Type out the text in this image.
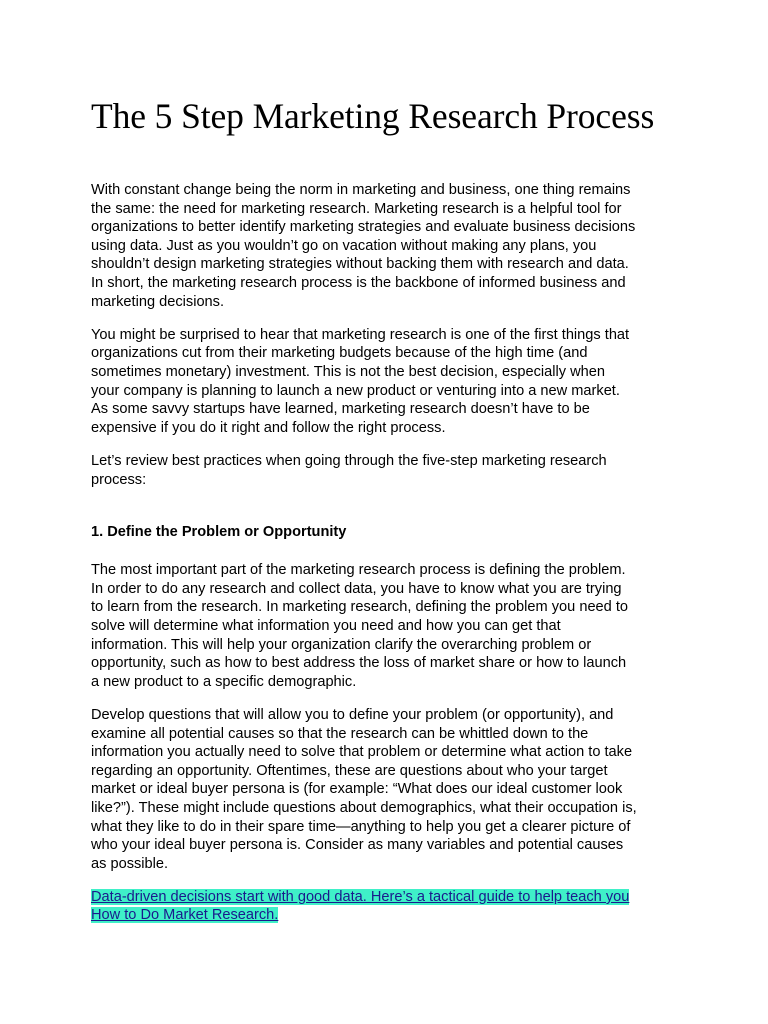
The 5 Step Marketing Research Process

With constant change being the norm in marketing and business, one thing remains
the same: the need for marketing research. Marketing research is a helpful tool for
organizations to better identify marketing strategies and evaluate business decisions
using data. Just as you wouldn’t go on vacation without making any plans, you
shouldn’t design marketing strategies without backing them with research and data.
In short, the marketing research process is the backbone of informed business and
marketing decisions.

You might be surprised to hear that marketing research is one of the first things that
organizations cut from their marketing budgets because of the high time (and
sometimes monetary) investment. This is not the best decision, especially when
your company is planning to launch a new product or venturing into a new market.
As some savvy startups have learned, marketing research doesn’t have to be
expensive if you do it right and follow the right process.

Let’s review best practices when going through the five-step marketing research
process:

1. Define the Problem or Opportunity

The most important part of the marketing research process is defining the problem.
In order to do any research and collect data, you have to know what you are trying
to learn from the research. In marketing research, defining the problem you need to
solve will determine what information you need and how you can get that
information. This will help your organization clarify the overarching problem or
opportunity, such as how to best address the loss of market share or how to launch
a new product to a specific demographic.

Develop questions that will allow you to define your problem (or opportunity), and
examine all potential causes so that the research can be whittled down to the
information you actually need to solve that problem or determine what action to take
regarding an opportunity. Oftentimes, these are questions about who your target
market or ideal buyer persona is (for example: “What does our ideal customer look
like?”). These might include questions about demographics, what their occupation is,
what they like to do in their spare time—anything to help you get a clearer picture of
who your ideal buyer persona is. Consider as many variables and potential causes
as possible.

Data-driven decisions start with good data. Here’s a tactical guide to help teach you
How to Do Market Research.
